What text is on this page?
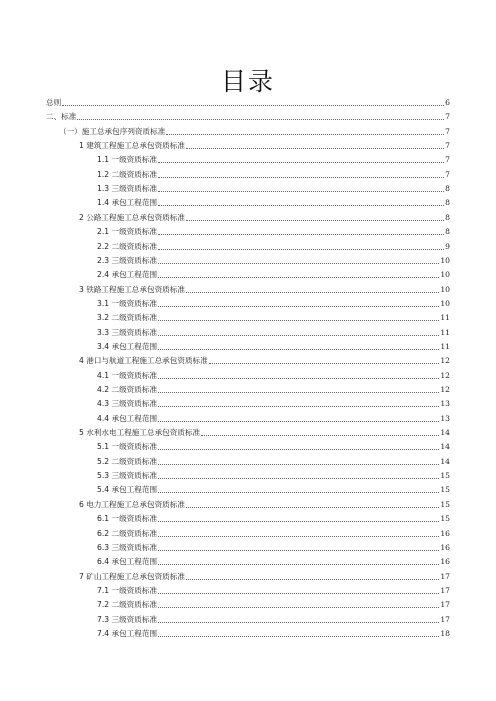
目录
总则	6
二、标准	7
（一）施工总承包序列资质标准	7
1 建筑工程施工总承包资质标准	7
1.1 一级资质标准	7
1.2 二级资质标准	7
1.3 三级资质标准	8
1.4 承包工程范围	8
2 公路工程施工总承包资质标准	8
2.1 一级资质标准	8
2.2 二级资质标准	9
2.3 三级资质标准	10
2.4 承包工程范围	10
3 铁路工程施工总承包资质标准	10
3.1 一级资质标准	10
3.2 二级资质标准	11
3.3 三级资质标准	11
3.4 承包工程范围	11
4 港口与航道工程施工总承包资质标准	12
4.1 一级资质标准	12
4.2 二级资质标准	12
4.3 三级资质标准	13
4.4 承包工程范围	13
5 水利水电工程施工总承包资质标准	14
5.1 一级资质标准	14
5.2 二级资质标准	14
5.3 三级资质标准	15
5.4 承包工程范围	15
6 电力工程施工总承包资质标准	15
6.1 一级资质标准	15
6.2 二级资质标准	16
6.3 三级资质标准	16
6.4 承包工程范围	16
7 矿山工程施工总承包资质标准	17
7.1 一级资质标准	17
7.2 二级资质标准	17
7.3 三级资质标准	17
7.4 承包工程范围	18
